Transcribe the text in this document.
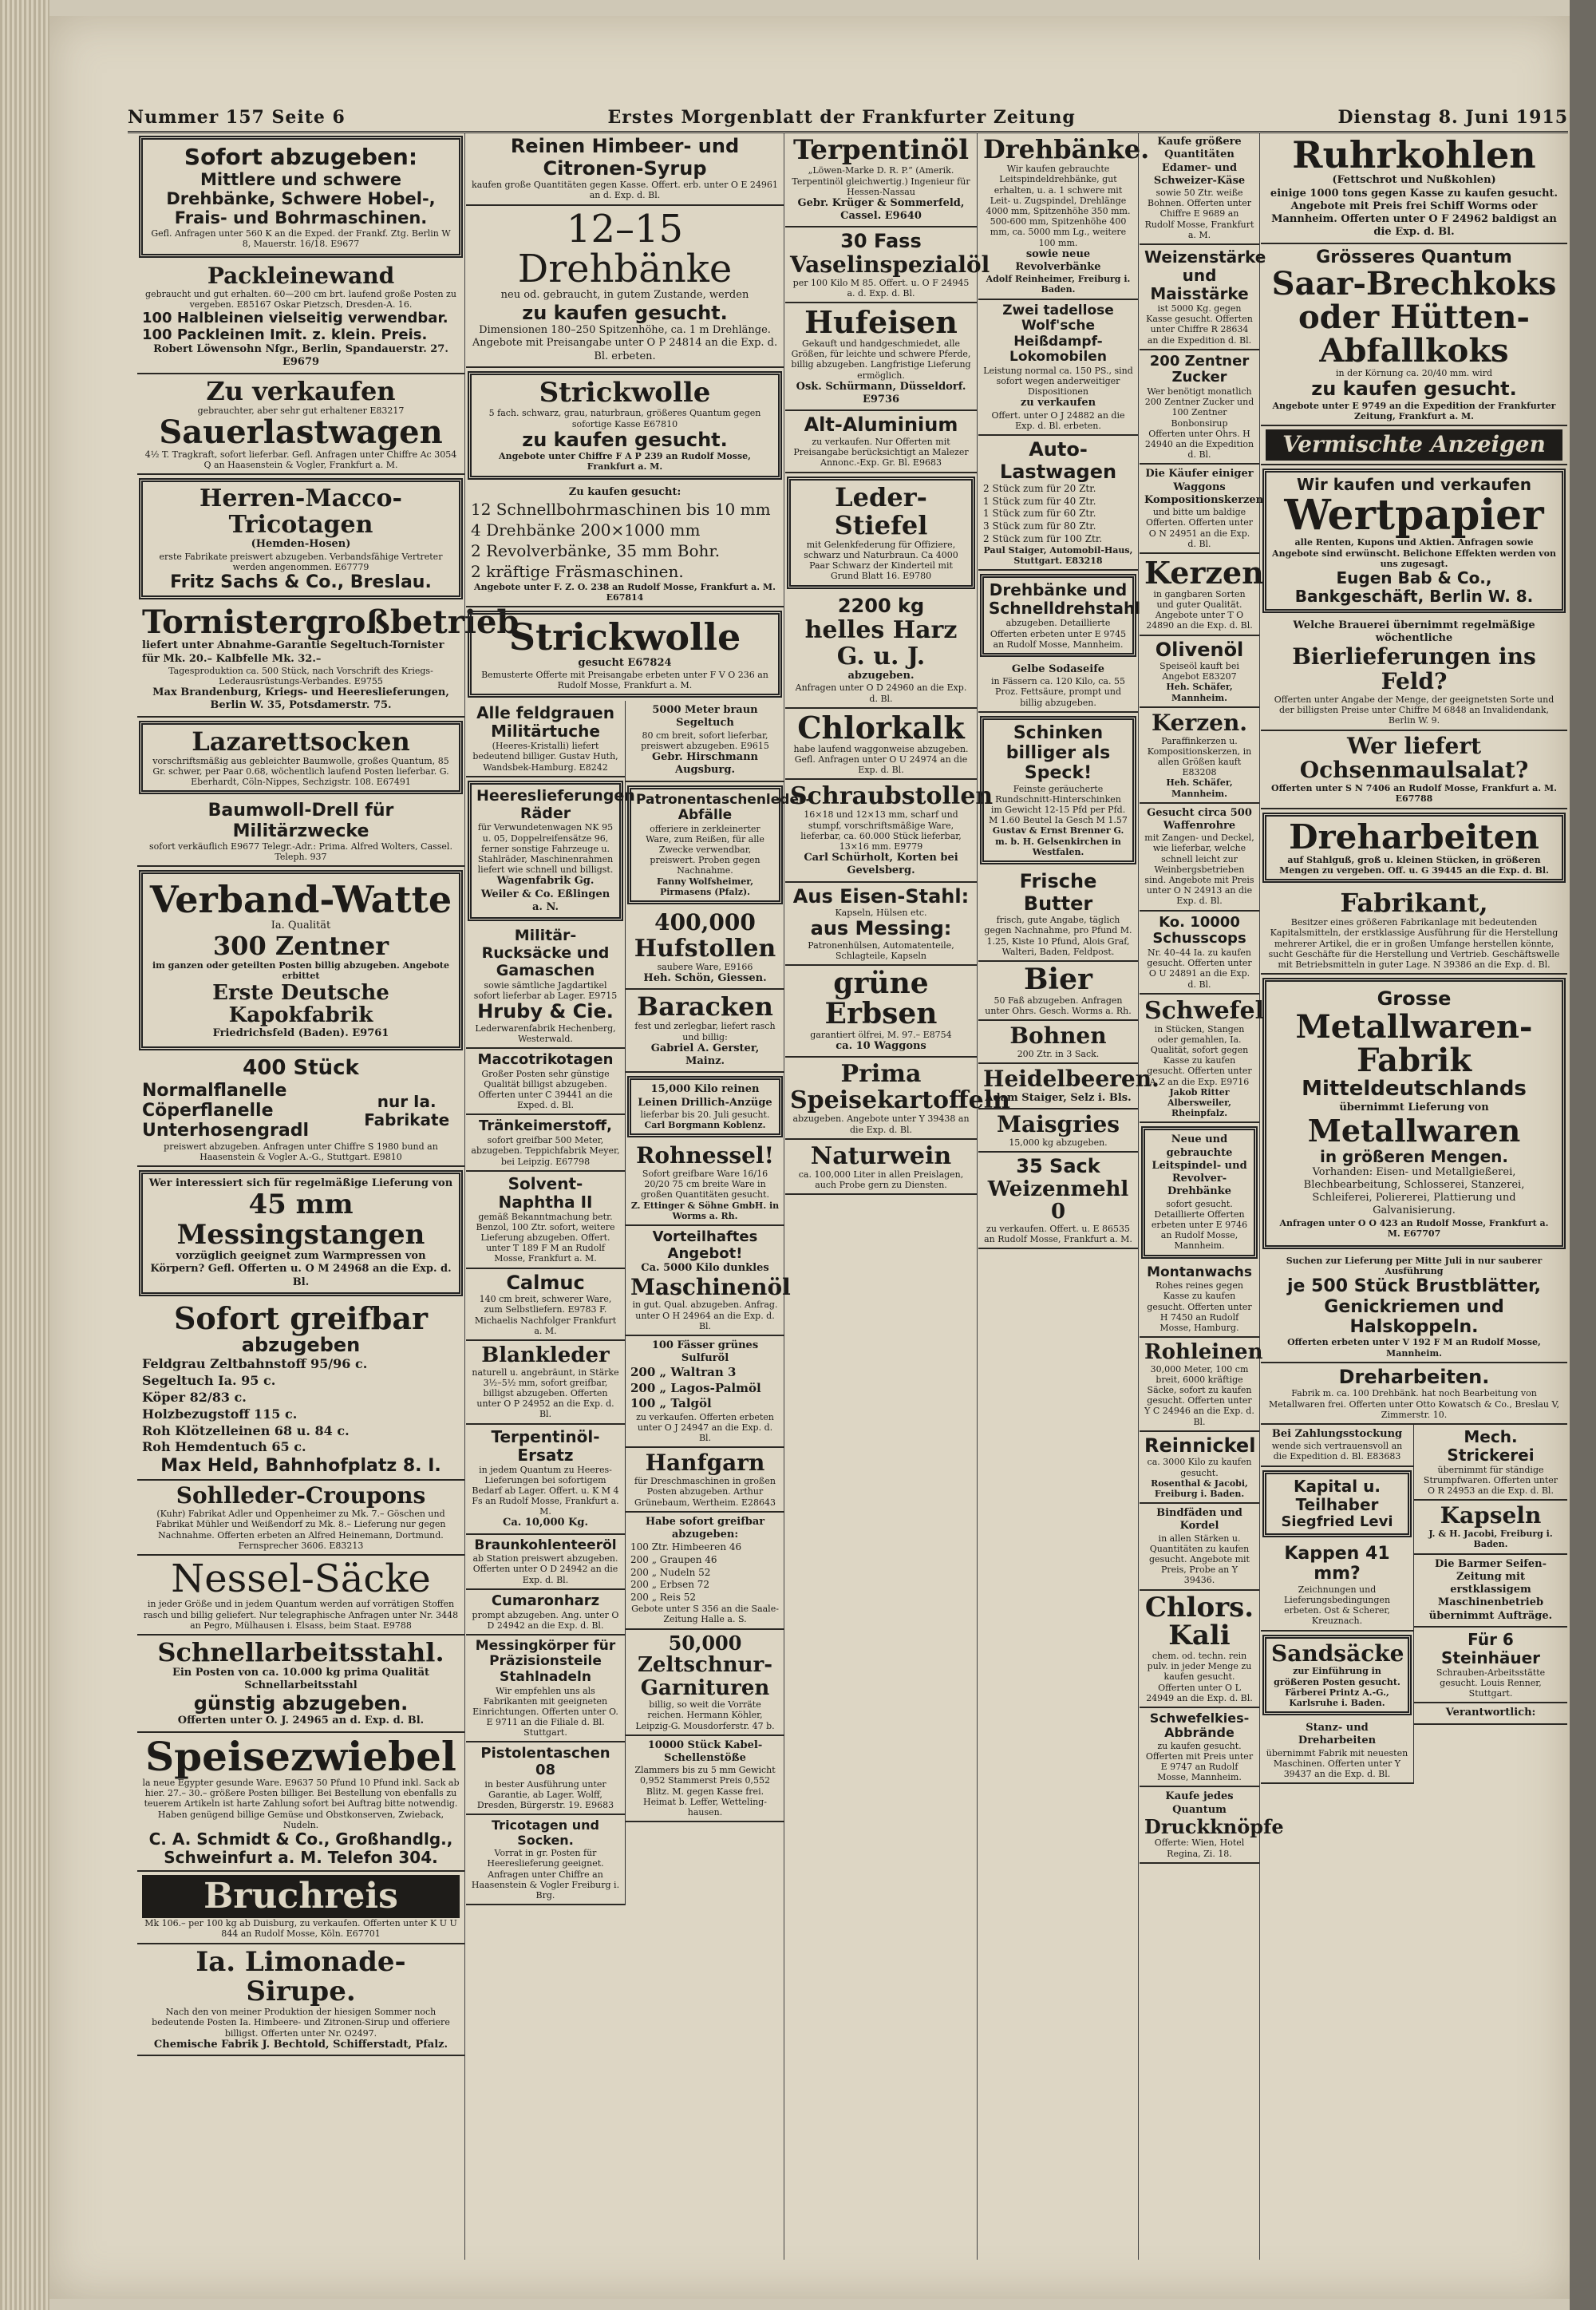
Nummer 157 Seite 6	Erstes Morgenblatt der Frankfurter Zeitung	Dienstag 8. Juni 1915
Sofort abzugeben:
Mittlere und schwere Drehbänke, Schwere Hobel-, Frais- und Bohrmaschinen.
Gefl. Anfragen unter 560 K an die Exped. der Frankf. Ztg. Berlin W 8, Mauerstr. 16/18. E9677
Packleinewand
gebraucht und gut erhalten. 60—200 cm brt. laufend große Posten zu vergeben. E85167 Oskar Pietzsch, Dresden-A. 16.
100 Halbleinen vielseitig verwendbar.
100 Packleinen Imit. z. klein. Preis.
Robert Löwensohn Nfgr., Berlin, Spandauerstr. 27. E9679
Zu verkaufen
gebrauchter, aber sehr gut erhaltener E83217
Sauerlastwagen
4½ T. Tragkraft, sofort lieferbar. Gefl. Anfragen unter Chiffre Ac 3054 Q an Haasenstein & Vogler, Frankfurt a. M.
Herren-Macco-Tricotagen
(Hemden-Hosen)
erste Fabrikate preiswert abzugeben. Verbandsfähige Vertreter werden angenommen. E67779
Fritz Sachs & Co., Breslau.
Tornistergroßbetrieb
liefert unter Abnahme-Garantie Segeltuch-Tornister für Mk. 20.– Kalbfelle Mk. 32.–
Tagesproduktion ca. 500 Stück, nach Vorschrift des Kriegs-Lederausrüstungs-Verbandes. E9755
Max Brandenburg, Kriegs- und Heereslieferungen, Berlin W. 35, Potsdamerstr. 75.
Lazarettsocken
vorschriftsmäßig aus gebleichter Baumwolle, großes Quantum, 85 Gr. schwer, per Paar 0.68, wöchentlich laufend Posten lieferbar. G. Eberhardt, Cöln-Nippes, Sechzigstr. 108. E67491
Baumwoll-Drell für Militärzwecke
sofort verkäuflich E9677 Telegr.-Adr.: Prima. Alfred Wolters, Cassel. Teleph. 937
Verband-Watte
Ia. Qualität
300 Zentner
im ganzen oder geteilten Posten billig abzugeben. Angebote erbittet
Erste Deutsche Kapokfabrik
Friedrichsfeld (Baden). E9761
400 Stück
Normalflanelle Cöperflanelle Unterhosengradl
nur Ia. Fabrikate
preiswert abzugeben. Anfragen unter Chiffre S 1980 bund an Haasenstein & Vogler A.-G., Stuttgart. E9810
Wer interessiert sich für regelmäßige Lieferung von
45 mm Messingstangen
vorzüglich geeignet zum Warmpressen von Körpern? Gefl. Offerten u. O M 24968 an die Exp. d. Bl.
Sofort greifbar abzugeben
Feldgrau Zeltbahnstoff 95/96 c.
Segeltuch Ia. 95 c.
Köper 82/83 c.
Holzbezugstoff 115 c.
Roh Klötzelleinen 68 u. 84 c.
Roh Hemdentuch 65 c.
Max Held, Bahnhofplatz 8. I.
Sohlleder-Croupons
(Kuhr) Fabrikat Adler und Oppenheimer zu Mk. 7.– Göschen und Fabrikat Mühler und Weißendorf zu Mk. 8.– Lieferung nur gegen Nachnahme. Offerten erbeten an Alfred Heinemann, Dortmund. Fernsprecher 3606. E83213
Nessel-Säcke
in jeder Größe und in jedem Quantum werden auf vorrätigen Stoffen rasch und billig geliefert. Nur telegraphische Anfragen unter Nr. 3448 an Pegro, Mülhausen i. Elsass, beim Staat. E9788
Schnellarbeitsstahl.
Ein Posten von ca. 10.000 kg prima Qualität Schnellarbeitsstahl
günstig abzugeben.
Offerten unter O. J. 24965 an d. Exp. d. Bl.
Speisezwiebel
la neue Egypter gesunde Ware. E9637 50 Pfund 10 Pfund inkl. Sack ab hier. 27.– 30.– größere Posten billiger. Bei Bestellung von ebenfalls zu teuerem Artikeln ist harte Zahlung sofort bei Auftrag bitte notwendig. Haben genügend billige Gemüse und Obstkonserven, Zwieback, Nudeln.
C. A. Schmidt & Co., Großhandlg., Schweinfurt a. M. Telefon 304.
Bruchreis
Mk 106.– per 100 kg ab Duisburg, zu verkaufen. Offerten unter K U U 844 an Rudolf Mosse, Köln. E67701
Ia. Limonade-Sirupe.
Nach den von meiner Produktion der hiesigen Sommer noch bedeutende Posten Ia. Himbeere- und Zitronen-Sirup und offeriere billigst. Offerten unter Nr. O2497.
Chemische Fabrik J. Bechtold, Schifferstadt, Pfalz.
Reinen Himbeer- und Citronen-Syrup
kaufen große Quantitäten gegen Kasse. Offert. erb. unter O E 24961 an d. Exp. d. Bl.
12–15 Drehbänke
neu od. gebraucht, in gutem Zustande, werden
zu kaufen gesucht.
Dimensionen 180–250 Spitzenhöhe, ca. 1 m Drehlänge. Angebote mit Preisangabe unter O P 24814 an die Exp. d. Bl. erbeten.
Strickwolle
5 fach. schwarz, grau, naturbraun, größeres Quantum gegen sofortige Kasse E67810
zu kaufen gesucht.
Angebote unter Chiffre F A P 239 an Rudolf Mosse, Frankfurt a. M.
Zu kaufen gesucht:
12 Schnellbohrmaschinen bis 10 mm
4 Drehbänke 200×1000 mm
2 Revolverbänke, 35 mm Bohr.
2 kräftige Fräsmaschinen.
Angebote unter F. Z. O. 238 an Rudolf Mosse, Frankfurt a. M. E67814
Strickwolle
gesucht E67824
Bemusterte Offerte mit Preisangabe erbeten unter F V O 236 an Rudolf Mosse, Frankfurt a. M.
Alle feldgrauen Militärtuche
(Heeres-Kristalli) liefert bedeutend billiger. Gustav Huth, Wandsbek-Hamburg. E8242
Heereslieferungen Räder
für Verwundetenwagen NK 95 u. 05, Doppelreifensätze 96, ferner sonstige Fahrzeuge u. Stahlräder, Maschinenrahmen liefert wie schnell und billigst.
Wagenfabrik Gg. Weiler & Co. Eßlingen a. N.
Militär-Rucksäcke und Gamaschen
sowie sämtliche Jagdartikel sofort lieferbar ab Lager. E9715
Hruby & Cie.
Lederwarenfabrik Hechenberg, Westerwald.
Maccotrikotagen
Großer Posten sehr günstige Qualität billigst abzugeben. Offerten unter C 39441 an die Exped. d. Bl.
Tränkeimerstoff,
sofort greifbar 500 Meter, abzugeben. Teppichfabrik Meyer, bei Leipzig. E67798
Solvent-Naphtha II
gemäß Bekanntmachung betr. Benzol, 100 Ztr. sofort, weitere Lieferung abzugeben. Offert. unter T 189 F M an Rudolf Mosse, Frankfurt a. M.
Calmuc
140 cm breit, schwerer Ware, zum Selbstliefern. E9783 F. Michaelis Nachfolger Frankfurt a. M.
Blankleder
naturell u. angebräunt, in Stärke 3½–5½ mm, sofort greifbar, billigst abzugeben. Offerten unter O P 24952 an die Exp. d. Bl.
Terpentinöl-Ersatz
in jedem Quantum zu Heeres-Lieferungen bei sofortigem Bedarf ab Lager. Offert. u. K M 4 Fs an Rudolf Mosse, Frankfurt a. M.
Ca. 10,000 Kg.
Braunkohlenteeröl
ab Station preiswert abzugeben. Offerten unter O D 24942 an die Exp. d. Bl.
Cumaronharz
prompt abzugeben. Ang. unter O D 24942 an die Exp. d. Bl.
Messingkörper für Präzisionsteile Stahlnadeln
Wir empfehlen uns als Fabrikanten mit geeigneten Einrichtungen. Offerten unter O. E 9711 an die Filiale d. Bl. Stuttgart.
Pistolentaschen 08
in bester Ausführung unter Garantie, ab Lager. Wolff, Dresden, Bürgerstr. 19. E9683
Tricotagen und Socken.
Vorrat in gr. Posten für Heereslieferung geeignet. Anfragen unter Chiffre an Haasenstein & Vogler Freiburg i. Brg.
5000 Meter braun Segeltuch
80 cm breit, sofort lieferbar, preiswert abzugeben. E9615
Gebr. Hirschmann Augsburg.
Patronentaschenleder-Abfälle
offeriere in zerkleinerter Ware, zum Reißen, für alle Zwecke verwendbar, preiswert. Proben gegen Nachnahme.
Fanny Wolfsheimer, Pirmasens (Pfalz).
400,000
Hufstollen
saubere Ware, E9166
Heh. Schön, Giessen.
Baracken
fest und zerlegbar, liefert rasch und billig:
Gabriel A. Gerster, Mainz.
15,000 Kilo reinen Leinen Drillich-Anzüge
lieferbar bis 20. Juli gesucht.
Carl Borgmann Koblenz.
Rohnessel!
Sofort greifbare Ware 16/16 20/20 75 cm breite Ware in großen Quantitäten gesucht.
Z. Ettinger & Söhne GmbH. in Worms a. Rh.
Vorteilhaftes Angebot!
Ca. 5000 Kilo dunkles
Maschinenöl
in gut. Qual. abzugeben. Anfrag. unter O H 24964 an die Exp. d. Bl.
100 Fässer grünes Sulfuröl
200 „ Waltran 3
200 „ Lagos-Palmöl
100 „ Talgöl
zu verkaufen. Offerten erbeten unter O J 24947 an die Exp. d. Bl.
Hanfgarn
für Dreschmaschinen in großen Posten abzugeben. Arthur Grünebaum, Wertheim. E28643
Habe sofort greifbar abzugeben:
100 Ztr. Himbeeren 46
200 „ Graupen 46
200 „ Nudeln 52
200 „ Erbsen 72
200 „ Reis 52
Gebote unter S 356 an die Saale-Zeitung Halle a. S.
50,000
Zeltschnur-Garnituren
billig, so weit die Vorräte reichen. Hermann Köhler, Leipzig-G. Mousdorferstr. 47 b.
10000 Stück Kabel-Schellenstöße
Zlammers bis zu 5 mm Gewicht 0,952 Stammerst Preis 0,552 Blitz. M. gegen Kasse frei. Heimat b. Leffer, Wetteling-hausen.
Terpentinöl
„Löwen-Marke D. R. P.“ (Amerik. Terpentinöl gleichwertig.) Ingenieur für Hessen-Nassau
Gebr. Krüger & Sommerfeld, Cassel. E9640
30 Fass
Vaselinspezialöl
per 100 Kilo M 85. Offert. u. O F 24945 a. d. Exp. d. Bl.
Hufeisen
Gekauft und handgeschmiedet, alle Größen, für leichte und schwere Pferde, billig abzugeben. Langfristige Lieferung ermöglich.
Osk. Schürmann, Düsseldorf. E9736
Alt-Aluminium
zu verkaufen. Nur Offerten mit Preisangabe berücksichtigt an Malezer Annonc.-Exp. Gr. Bl. E9683
Leder-Stiefel
mit Gelenkfederung für Offiziere, schwarz und Naturbraun. Ca 4000 Paar Schwarz der Kinderteil mit Grund Blatt 16. E9780
2200 kg
helles Harz G. u. J.
abzugeben.
Anfragen unter O D 24960 an die Exp. d. Bl.
Chlorkalk
habe laufend waggonweise abzugeben. Gefl. Anfragen unter O U 24974 an die Exp. d. Bl.
Schraubstollen
16×18 und 12×13 mm, scharf und stumpf, vorschriftsmäßige Ware, lieferbar, ca. 60.000 Stück lieferbar, 13×16 mm. E9779
Carl Schürholt, Korten bei Gevelsberg.
Aus Eisen-Stahl:
Kapseln, Hülsen etc.
aus Messing:
Patronenhülsen, Automatenteile, Schlagteile, Kapseln
grüne Erbsen
garantiert ölfrei, M. 97.– E8754
ca. 10 Waggons
Prima Speisekartoffeln
abzugeben. Angebote unter Y 39438 an die Exp. d. Bl.
Naturwein
ca. 100,000 Liter in allen Preislagen, auch Probe gern zu Diensten.
Drehbänke.
Wir kaufen gebrauchte Leitspindeldrehbänke, gut erhalten, u. a. 1 schwere mit Leit- u. Zugspindel, Drehlänge 4000 mm, Spitzenhöhe 350 mm. 500-600 mm, Spitzenhöhe 400 mm, ca. 5000 mm Lg., weitere 100 mm.
sowie neue Revolverbänke
Adolf Reinheimer, Freiburg i. Baden.
Zwei tadellose Wolf'sche Heißdampf-Lokomobilen
Leistung normal ca. 150 PS., sind sofort wegen anderweitiger Dispositionen
zu verkaufen
Offert. unter O J 24882 an die Exp. d. Bl. erbeten.
Auto-Lastwagen
2 Stück zum für 20 Ztr.
1 Stück zum für 40 Ztr.
1 Stück zum für 60 Ztr.
3 Stück zum für 80 Ztr.
2 Stück zum für 100 Ztr.
Paul Staiger, Automobil-Haus, Stuttgart. E83218
Drehbänke und Schnelldrehstahl
abzugeben. Detaillierte Offerten erbeten unter E 9745 an Rudolf Mosse, Mannheim.
Gelbe Sodaseife
in Fässern ca. 120 Kilo, ca. 55 Proz. Fettsäure, prompt und billig abzugeben.
Schinken billiger als Speck!
Feinste geräucherte Rundschnitt-Hinterschinken im Gewicht 12-15 Pfd per Pfd. M 1.60 Beutel Ia Gesch M 1.57
Gustav & Ernst Brenner G. m. b. H. Gelsenkirchen in Westfalen.
Frische Butter
frisch, gute Angabe, täglich gegen Nachnahme, pro Pfund M. 1.25, Kiste 10 Pfund, Alois Graf, Walteri, Baden, Feldpost.
Bier
50 Faß abzugeben. Anfragen unter Ohrs. Gesch. Worms a. Rh.
Bohnen
200 Ztr. in 3 Sack.
Heidelbeeren.
Adam Staiger, Selz i. Bls.
Maisgries
15,000 kg abzugeben.
35 Sack
Weizenmehl 0
zu verkaufen. Offert. u. E 86535 an Rudolf Mosse, Frankfurt a. M.
Kaufe größere Quantitäten Edamer- und Schweizer-Käse
sowie 50 Ztr. weiße Bohnen. Offerten unter Chiffre E 9689 an Rudolf Mosse, Frankfurt a. M.
Weizenstärke und Maisstärke
ist 5000 Kg. gegen Kasse gesucht. Offerten unter Chiffre R 28634 an die Expedition d. Bl.
200 Zentner Zucker
Wer benötigt monatlich 200 Zentner Zucker und 100 Zentner Bonbonsirup
Offerten unter Ohrs. H 24940 an die Expedition d. Bl.
Die Käufer einiger Waggons Kompositionskerzen
und bitte um baldige Offerten. Offerten unter O N 24951 an die Exp. d. Bl.
Kerzen
in gangbaren Sorten und guter Qualität.
Angebote unter T O 24890 an die Exp. d. Bl.
Olivenöl
Speiseöl kauft bei Angebot E83207
Heh. Schäfer, Mannheim.
Kerzen.
Paraffinkerzen u. Kompositionskerzen, in allen Größen kauft E83208
Heh. Schäfer, Mannheim.
Gesucht circa 500 Waffenrohre
mit Zangen- und Deckel, wie lieferbar, welche schnell leicht zur Weinbergsbetrieben sind. Angebote mit Preis unter O N 24913 an die Exp. d. Bl.
Ko. 10000 Schusscops
Nr. 40–44 Ia. zu kaufen gesucht. Offerten unter O U 24891 an die Exp. d. Bl.
Schwefel
in Stücken, Stangen oder gemahlen, Ia. Qualität, sofort gegen Kasse zu kaufen gesucht. Offerten unter A Z an die Exp. E9716
Jakob Ritter Albersweiler, Rheinpfalz.
Neue und gebrauchte Leitspindel- und Revolver-Drehbänke
sofort gesucht. Detaillierte Offerten erbeten unter E 9746 an Rudolf Mosse, Mannheim.
Montanwachs
Rohes reines gegen Kasse zu kaufen gesucht. Offerten unter H 7450 an Rudolf Mosse, Hamburg.
Rohleinen
30,000 Meter, 100 cm breit, 6000 kräftige Säcke, sofort zu kaufen gesucht. Offerten unter Y C 24946 an die Exp. d. Bl.
Reinnickel
ca. 3000 Kilo zu kaufen gesucht.
Rosenthal & Jacobi, Freiburg i. Baden.
Bindfäden und Kordel
in allen Stärken u. Quantitäten zu kaufen gesucht. Angebote mit Preis, Probe an Y 39436.
Chlors. Kali
chem. od. techn. rein pulv. in jeder Menge zu kaufen gesucht. Offerten unter O L 24949 an die Exp. d. Bl.
Schwefelkies-Abbrände
zu kaufen gesucht. Offerten mit Preis unter E 9747 an Rudolf Mosse, Mannheim.
Kaufe jedes Quantum
Druckknöpfe
Offerte: Wien, Hotel Regina, Zi. 18.
Ruhrkohlen
(Fettschrot und Nußkohlen)
einige 1000 tons gegen Kasse zu kaufen gesucht. Angebote mit Preis frei Schiff Worms oder Mannheim. Offerten unter O F 24962 baldigst an die Exp. d. Bl.
Grösseres Quantum
Saar-Brechkoks oder Hütten-Abfallkoks
in der Körnung ca. 20/40 mm. wird
zu kaufen gesucht.
Angebote unter E 9749 an die Expedition der Frankfurter Zeitung, Frankfurt a. M.
Vermischte Anzeigen
Wir kaufen und verkaufen
Wertpapier
alle Renten, Kupons und Aktien. Anfragen sowie Angebote sind erwünscht. Belichone Effekten werden von uns zugesagt.
Eugen Bab & Co., Bankgeschäft, Berlin W. 8.
Welche Brauerei übernimmt regelmäßige wöchentliche
Bierlieferungen ins Feld?
Offerten unter Angabe der Menge, der geeignetsten Sorte und der billigsten Preise unter Chiffre M 6848 an Invalidendank, Berlin W. 9.
Wer liefert Ochsenmaulsalat?
Offerten unter S N 7406 an Rudolf Mosse, Frankfurt a. M. E67788
Dreharbeiten
auf Stahlguß, groß u. kleinen Stücken, in größeren Mengen zu vergeben. Off. u. G 39445 an die Exp. d. Bl.
Fabrikant,
Besitzer eines größeren Fabrikanlage mit bedeutenden Kapitalsmitteln, der erstklassige Ausführung für die Herstellung mehrerer Artikel, die er in großen Umfange herstellen könnte, sucht Geschäfte für die Herstellung und Vertrieb. Geschäftswelle mit Betriebsmitteln in guter Lage. N 39386 an die Exp. d. Bl.
Grosse
Metallwaren-Fabrik
Mitteldeutschlands
übernimmt Lieferung von
Metallwaren
in größeren Mengen.
Vorhanden: Eisen- und Metallgießerei, Blechbearbeitung, Schlosserei, Stanzerei, Schleiferei, Poliererei, Plattierung und Galvanisierung.
Anfragen unter O O 423 an Rudolf Mosse, Frankfurt a. M. E67707
Suchen zur Lieferung per Mitte Juli in nur sauberer Ausführung
je 500 Stück Brustblätter, Genickriemen und Halskoppeln.
Offerten erbeten unter V 192 F M an Rudolf Mosse, Mannheim.
Dreharbeiten.
Fabrik m. ca. 100 Drehbänk. hat noch Bearbeitung von Metallwaren frei. Offerten unter Otto Kowatsch & Co., Breslau V, Zimmerstr. 10.
Bei Zahlungsstockung
wende sich vertrauensvoll an die Expedition d. Bl. E83683
Kapital u. Teilhaber
Siegfried Levi
Kappen 41 mm?
Zeichnungen und Lieferungsbedingungen erbeten. Ost & Scherer, Kreuznach.
Sandsäcke
zur Einführung in größeren Posten gesucht. Färberei Printz A.-G., Karlsruhe i. Baden.
Stanz- und Dreharbeiten
übernimmt Fabrik mit neuesten Maschinen. Offerten unter Y 39437 an die Exp. d. Bl.
Mech. Strickerei
übernimmt für ständige Strumpfwaren. Offerten unter O R 24953 an die Exp. d. Bl.
Kapseln
J. & H. Jacobi, Freiburg i. Baden.
Die Barmer Seifen-Zeitung mit erstklassigem Maschinenbetrieb übernimmt Aufträge.
Für 6 Steinhäuer
Schrauben-Arbeitsstätte gesucht. Louis Renner, Stuttgart.
Verantwortlich:
